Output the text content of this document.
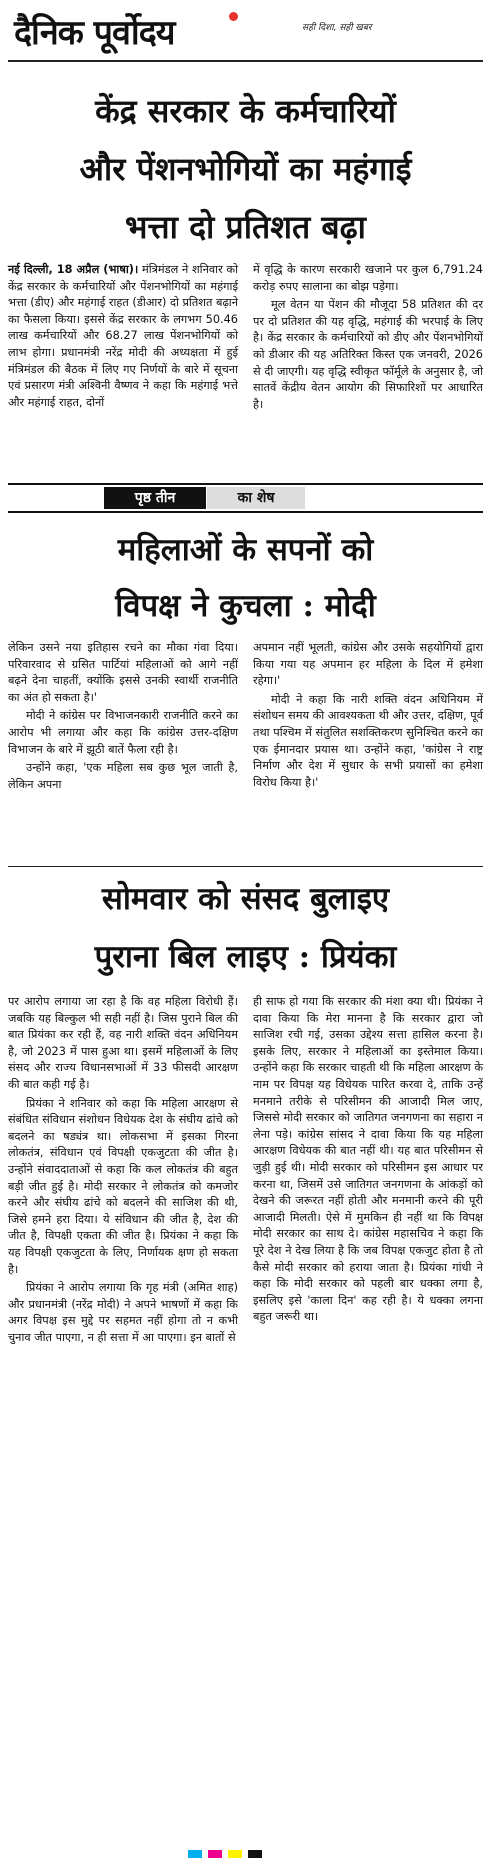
दैनिक पूर्वोदय	सही दिशा, सही खबर
केंद्र सरकार के कर्मचारियों
और पेंशनभोगियों का महंगाई
भत्ता दो प्रतिशत बढ़ा

नई दिल्ली, 18 अप्रैल (भाषा)। मंत्रिमंडल ने शनिवार को केंद्र सरकार के कर्मचारियों और पेंशनभोगियों का महंगाई भत्ता (डीए) और महंगाई राहत (डीआर) दो प्रतिशत बढ़ाने का फैसला किया। इससे केंद्र सरकार के लगभग 50.46 लाख कर्मचारियों और 68.27 लाख पेंशनभोगियों को लाभ होगा। प्रधानमंत्री नरेंद्र मोदी की अध्यक्षता में हुई मंत्रिमंडल की बैठक में लिए गए निर्णयों के बारे में सूचना एवं प्रसारण मंत्री अश्विनी वैष्णव ने कहा कि महंगाई भत्ते और महंगाई राहत, दोनों

में वृद्धि के कारण सरकारी खजाने पर कुल 6,791.24 करोड़ रुपए सालाना का बोझ पड़ेगा।

मूल वेतन या पेंशन की मौजूदा 58 प्रतिशत की दर पर दो प्रतिशत की यह वृद्धि, महंगाई की भरपाई के लिए है। केंद्र सरकार के कर्मचारियों को डीए और पेंशनभोगियों को डीआर की यह अतिरिक्त किस्त एक जनवरी, 2026 से दी जाएगी। यह वृद्धि स्वीकृत फॉर्मूले के अनुसार है, जो सातवें केंद्रीय वेतन आयोग की सिफारिशों पर आधारित है।

पृष्ठ तीन	का शेष
महिलाओं के सपनों को
विपक्ष ने कुचला : मोदी

लेकिन उसने नया इतिहास रचने का मौका गंवा दिया। परिवारवाद से ग्रसित पार्टियां महिलाओं को आगे नहीं बढ़ने देना चाहतीं, क्योंकि इससे उनकी स्वार्थी राजनीति का अंत हो सकता है।'

मोदी ने कांग्रेस पर विभाजनकारी राजनीति करने का आरोप भी लगाया और कहा कि कांग्रेस उत्तर-दक्षिण विभाजन के बारे में झूठी बातें फैला रही है।

उन्होंने कहा, 'एक महिला सब कुछ भूल जाती है, लेकिन अपना

अपमान नहीं भूलती, कांग्रेस और उसके सहयोगियों द्वारा किया गया यह अपमान हर महिला के दिल में हमेशा रहेगा।'

मोदी ने कहा कि नारी शक्ति वंदन अधिनियम में संशोधन समय की आवश्यकता थी और उत्तर, दक्षिण, पूर्व तथा पश्चिम में संतुलित सशक्तिकरण सुनिश्चित करने का एक ईमानदार प्रयास था। उन्होंने कहा, 'कांग्रेस ने राष्ट्र निर्माण और देश में सुधार के सभी प्रयासों का हमेशा विरोध किया है।'

सोमवार को संसद बुलाइए
पुराना बिल लाइए : प्रियंका

पर आरोप लगाया जा रहा है कि वह महिला विरोधी हैं। जबकि यह बिल्कुल भी सही नहीं है। जिस पुराने बिल की बात प्रियंका कर रही हैं, वह नारी शक्ति वंदन अधिनियम है, जो 2023 में पास हुआ था। इसमें महिलाओं के लिए संसद और राज्य विधानसभाओं में 33 फीसदी आरक्षण की बात कही गई है।

प्रियंका ने शनिवार को कहा कि महिला आरक्षण से संबंधित संविधान संशोधन विधेयक देश के संघीय ढांचे को बदलने का षड्यंत्र था। लोकसभा में इसका गिरना लोकतंत्र, संविधान एवं विपक्षी एकजुटता की जीत है। उन्होंने संवाददाताओं से कहा कि कल लोकतंत्र की बहुत बड़ी जीत हुई है। मोदी सरकार ने लोकतंत्र को कमजोर करने और संघीय ढांचे को बदलने की साजिश की थी, जिसे हमने हरा दिया। ये संविधान की जीत है, देश की जीत है, विपक्षी एकता की जीत है। प्रियंका ने कहा कि यह विपक्षी एकजुटता के लिए, निर्णायक क्षण हो सकता है।

प्रियंका ने आरोप लगाया कि गृह मंत्री (अमित शाह) और प्रधानमंत्री (नरेंद्र मोदी) ने अपने भाषणों में कहा कि अगर विपक्ष इस मुद्दे पर सहमत नहीं होगा तो न कभी चुनाव जीत पाएगा, न ही सत्ता में आ पाएगा। इन बातों से

ही साफ हो गया कि सरकार की मंशा क्या थी। प्रियंका ने दावा किया कि मेरा मानना है कि सरकार द्वारा जो साजिश रची गई, उसका उद्देश्य सत्ता हासिल करना है। इसके लिए, सरकार ने महिलाओं का इस्तेमाल किया। उन्होंने कहा कि सरकार चाहती थी कि महिला आरक्षण के नाम पर विपक्ष यह विधेयक पारित करवा दे, ताकि उन्हें मनमाने तरीके से परिसीमन की आजादी मिल जाए, जिससे मोदी सरकार को जातिगत जनगणना का सहारा न लेना पड़े। कांग्रेस सांसद ने दावा किया कि यह महिला आरक्षण विधेयक की बात नहीं थी। यह बात परिसीमन से जुड़ी हुई थी। मोदी सरकार को परिसीमन इस आधार पर करना था, जिसमें उसे जातिगत जनगणना के आंकड़ों को देखने की जरूरत नहीं होती और मनमानी करने की पूरी आजादी मिलती। ऐसे में मुमकिन ही नहीं था कि विपक्ष मोदी सरकार का साथ दे। कांग्रेस महासचिव ने कहा कि पूरे देश ने देख लिया है कि जब विपक्ष एकजुट होता है तो कैसे मोदी सरकार को हराया जाता है। प्रियंका गांधी ने कहा कि मोदी सरकार को पहली बार धक्का लगा है, इसलिए इसे 'काला दिन' कह रही है। ये धक्का लगना बहुत जरूरी था।
